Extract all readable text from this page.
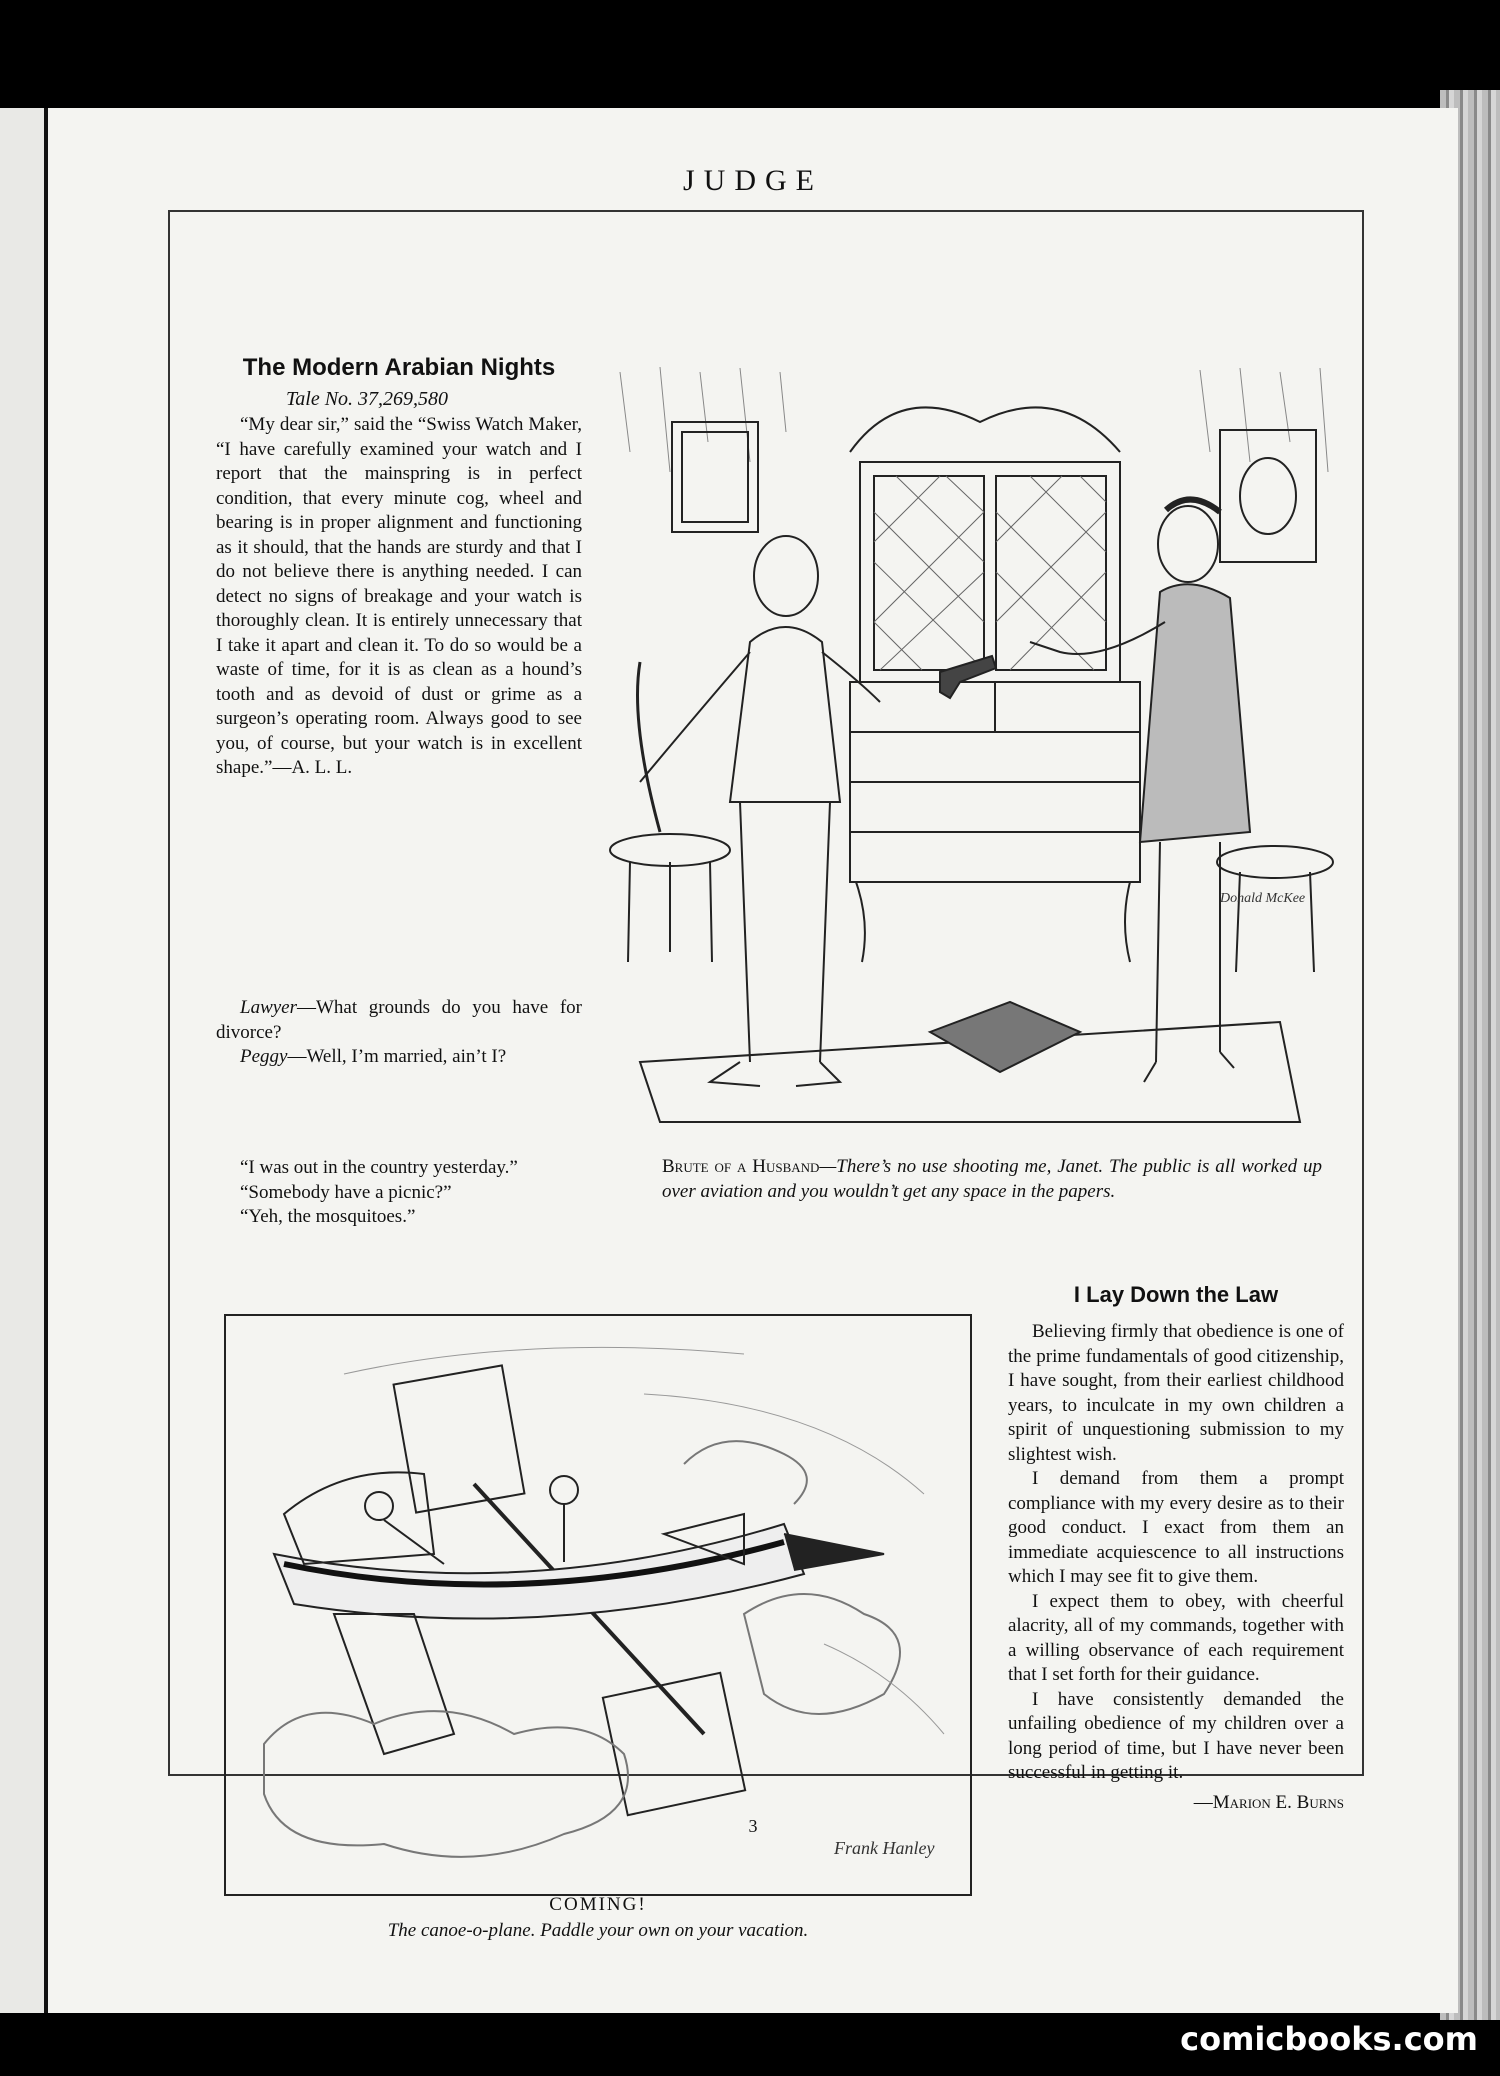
JUDGE
The Modern Arabian Nights
Tale No. 37,269,580

“My dear sir,” said the “Swiss Watch Maker, “I have carefully examined your watch and I report that the mainspring is in perfect condition, that every minute cog, wheel and bearing is in proper alignment and functioning as it should, that the hands are sturdy and that I do not believe there is anything needed. I can detect no signs of breakage and your watch is thoroughly clean. It is entirely unnecessary that I take it apart and clean it. To do so would be a waste of time, for it is as clean as a hound’s tooth and as devoid of dust or grime as a surgeon’s operating room. Always good to see you, of course, but your watch is in excellent shape.”—A. L. L.

Lawyer—What grounds do you have for divorce?

Peggy—Well, I’m married, ain’t I?

“I was out in the country yesterday.”

“Somebody have a picnic?”

“Yeh, the mosquitoes.”

Donald McKee
Brute of a Husband—There’s no use shooting me, Janet. The public is all worked up over aviation and you wouldn’t get any space in the papers.
Frank Hanley
COMING!
The canoe-o-plane. Paddle your own on your vacation.
I Lay Down the Law

Believing firmly that obedience is one of the prime fundamentals of good citizenship, I have sought, from their earliest childhood years, to inculcate in my own children a spirit of unquestioning submission to my slightest wish.

I demand from them a prompt compliance with my every desire as to their good conduct. I exact from them an immediate acquiescence to all instructions which I may see fit to give them.

I expect them to obey, with cheerful alacrity, all of my commands, together with a willing observance of each requirement that I set forth for their guidance.

I have consistently demanded the unfailing obedience of my children over a long period of time, but I have never been successful in getting it.

—Marion E. Burns
3
comicbooks.com
